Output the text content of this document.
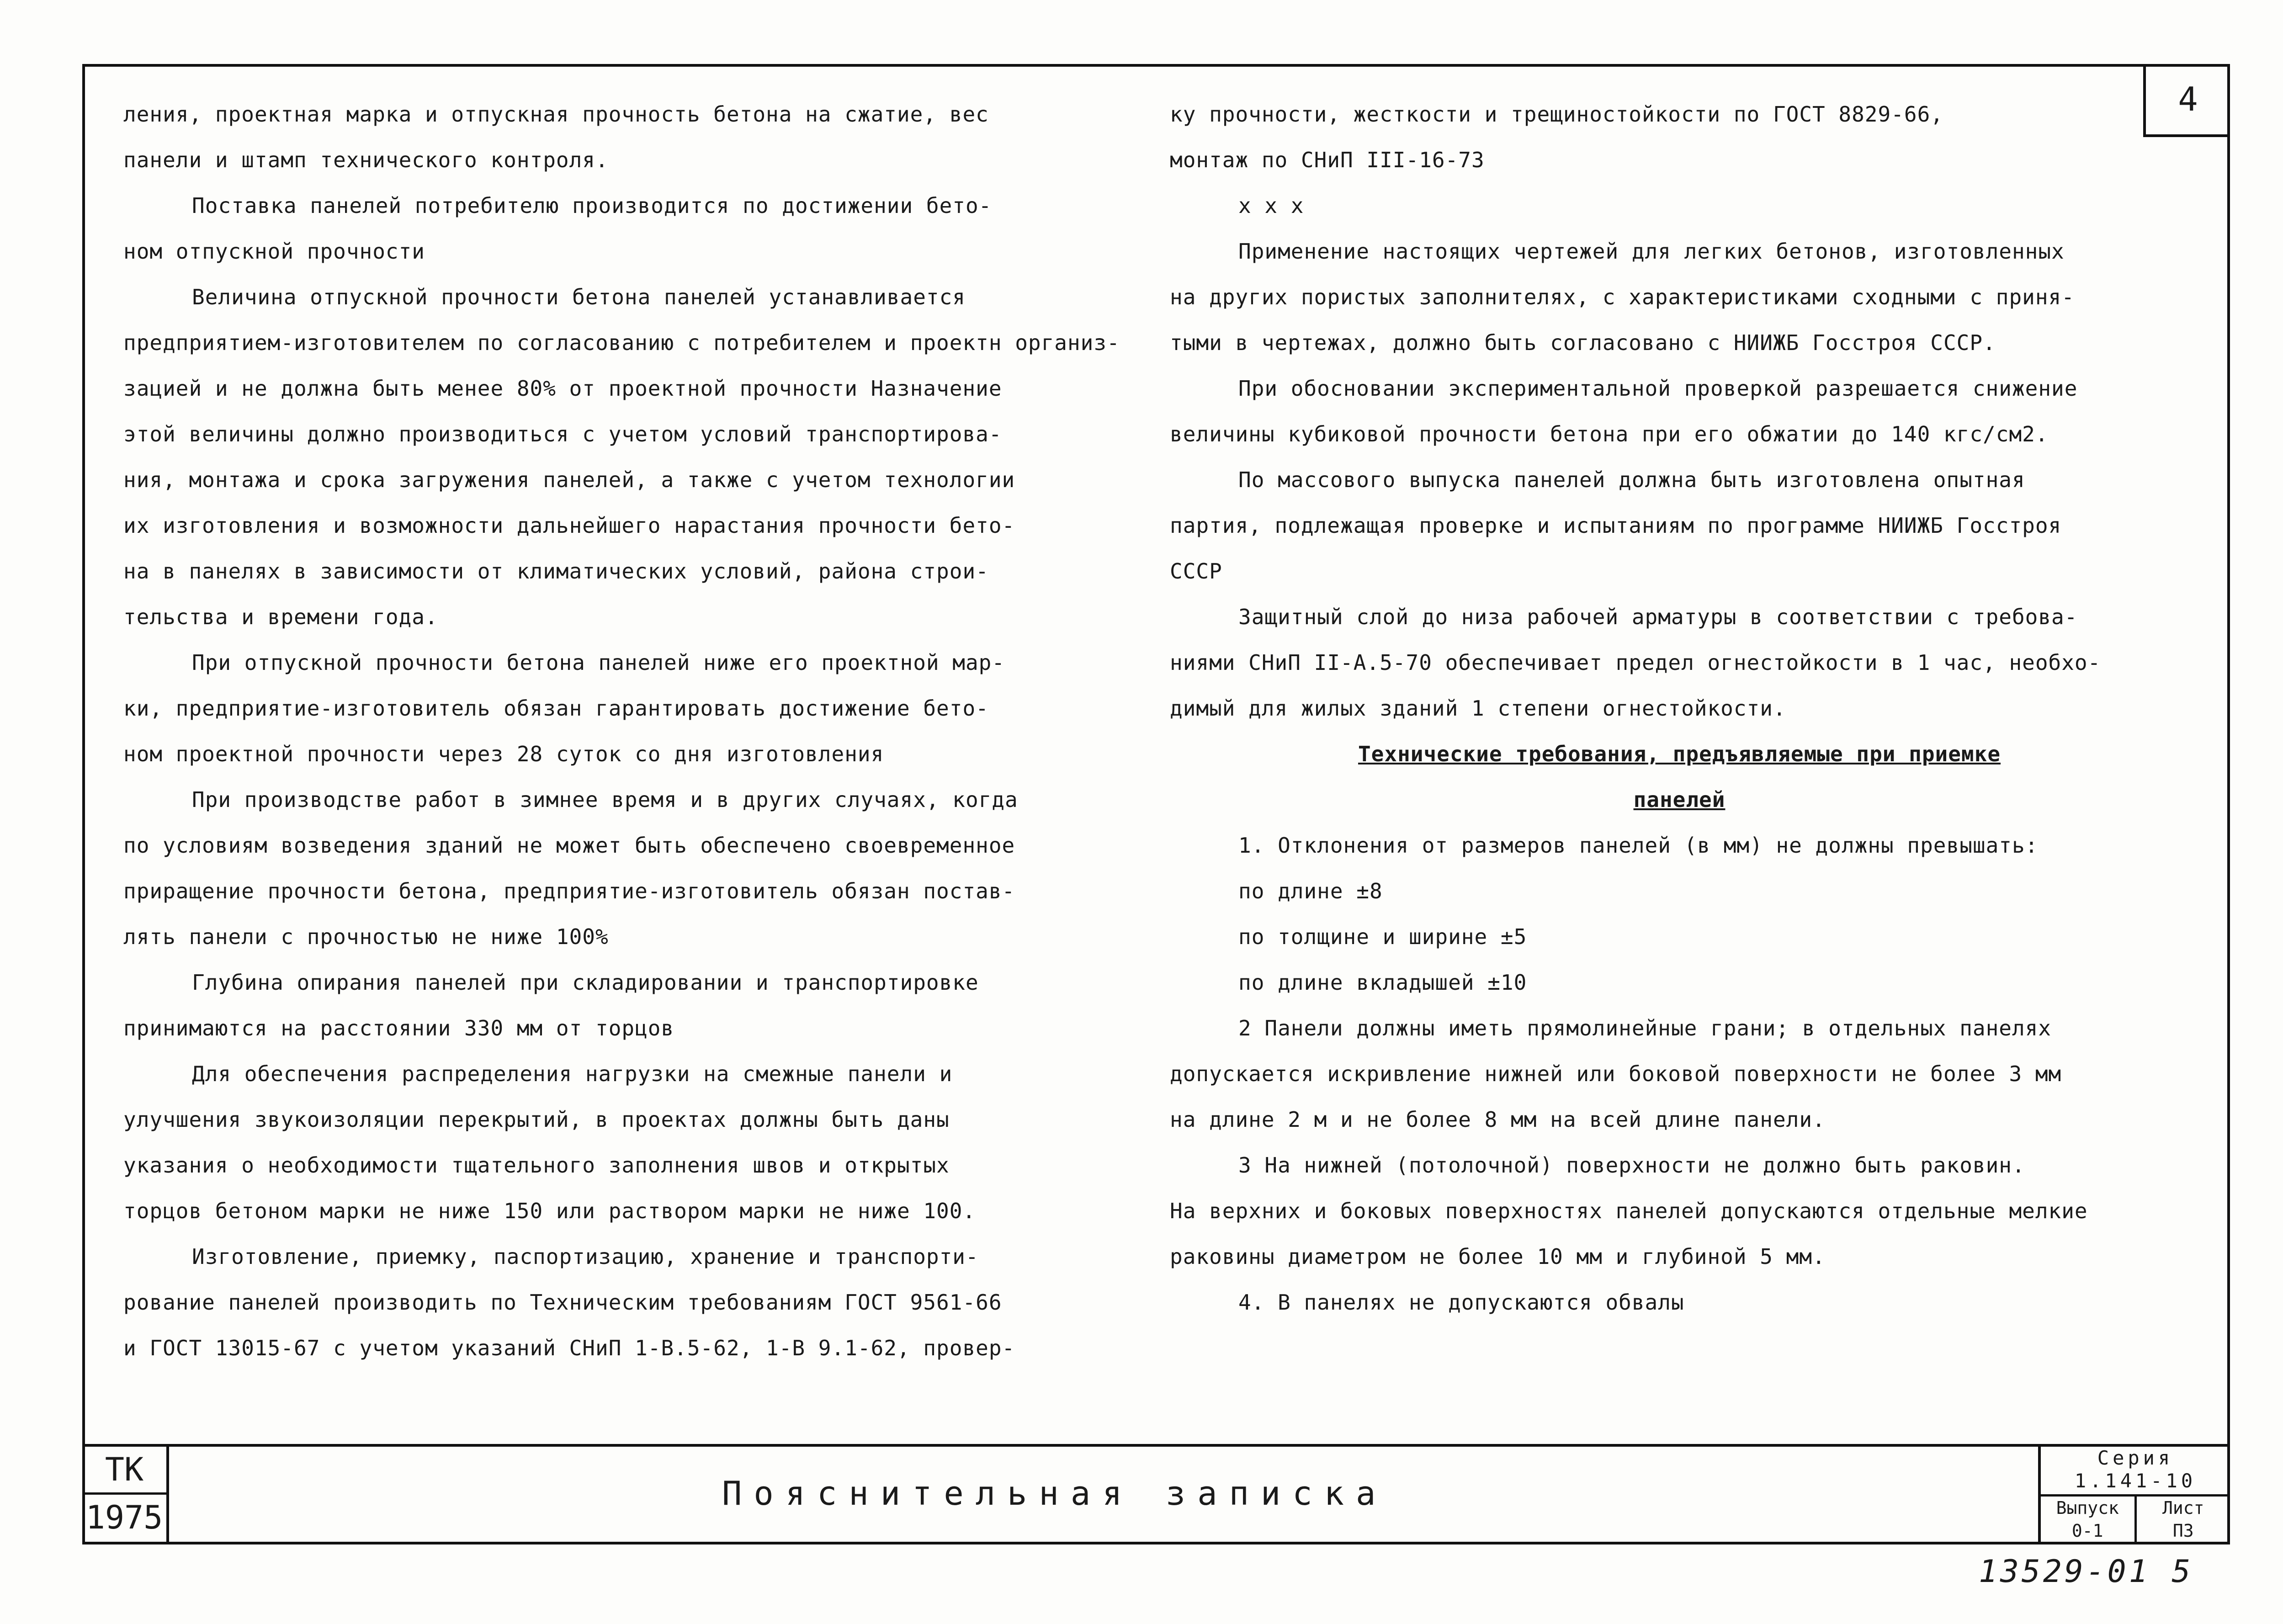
4

ления, проектная марка и отпускная прочность бетона на сжатие, вес

панели и штамп технического контроля.

Поставка панелей потребителю производится по достижении бето-

ном отпускной прочности

Величина отпускной прочности бетона панелей устанавливается

предприятием-изготовителем по согласованию с потребителем и проектн организ-

зацией и не должна быть менее 80% от проектной прочности Назначение

этой величины должно производиться с учетом условий транспортирова-

ния, монтажа и срока загружения панелей, а также с учетом технологии

их изготовления и возможности дальнейшего нарастания прочности бето-

на в панелях в зависимости от климатических условий, района строи-

тельства и времени года.

При отпускной прочности бетона панелей ниже его проектной мар-

ки, предприятие-изготовитель обязан гарантировать достижение бето-

ном проектной прочности через 28 суток со дня изготовления

При производстве работ в зимнее время и в других случаях, когда

по условиям возведения зданий не может быть обеспечено своевременное

приращение прочности бетона, предприятие-изготовитель обязан постав-

лять панели с прочностью не ниже 100%

Глубина опирания панелей при складировании и транспортировке

принимаются на расстоянии 330 мм от торцов

Для обеспечения распределения нагрузки на смежные панели и

улучшения звукоизоляции перекрытий, в проектах должны быть даны

указания о необходимости тщательного заполнения швов и открытых

торцов бетоном марки не ниже 150 или раствором марки не ниже 100.

Изготовление, приемку, паспортизацию, хранение и транспорти-

рование панелей производить по Техническим требованиям ГОСТ 9561-66

и ГОСТ 13015-67 с учетом указаний СНиП 1-В.5-62, 1-В 9.1-62, провер-

ку прочности, жесткости и трещиностойкости по ГОСТ 8829-66,

монтаж по СНиП III-16-73

x x x

Применение настоящих чертежей для легких бетонов, изготовленных

на других пористых заполнителях, с характеристиками сходными с приня-

тыми в чертежах, должно быть согласовано с НИИЖБ Госстроя СССР.

При обосновании экспериментальной проверкой разрешается снижение

величины кубиковой прочности бетона при его обжатии до 140 кгс/см2.

По массового выпуска панелей должна быть изготовлена опытная

партия, подлежащая проверке и испытаниям по программе НИИЖБ Госстроя

СССР

Защитный слой до низа рабочей арматуры в соответствии с требова-

ниями СНиП II-А.5-70 обеспечивает предел огнестойкости в 1 час, необхо-

димый для жилых зданий 1 степени огнестойкости.

Технические требования, предъявляемые при приемке

панелей

1. Отклонения от размеров панелей (в мм) не должны превышать:

по длине ±8

по толщине и ширине ±5

по длине вкладышей ±10

2 Панели должны иметь прямолинейные грани; в отдельных панелях

допускается искривление нижней или боковой поверхности не более 3 мм

на длине 2 м и не более 8 мм на всей длине панели.

3 На нижней (потолочной) поверхности не должно быть раковин.

На верхних и боковых поверхностях панелей допускаются отдельные мелкие

раковины диаметром не более 10 мм и глубиной 5 мм.

4. В панелях не допускаются обвалы

ТК
1975
Пояснительная записка
Серия
1.141-10
Выпуск
0-1
Лист
П3
13529-01 5
